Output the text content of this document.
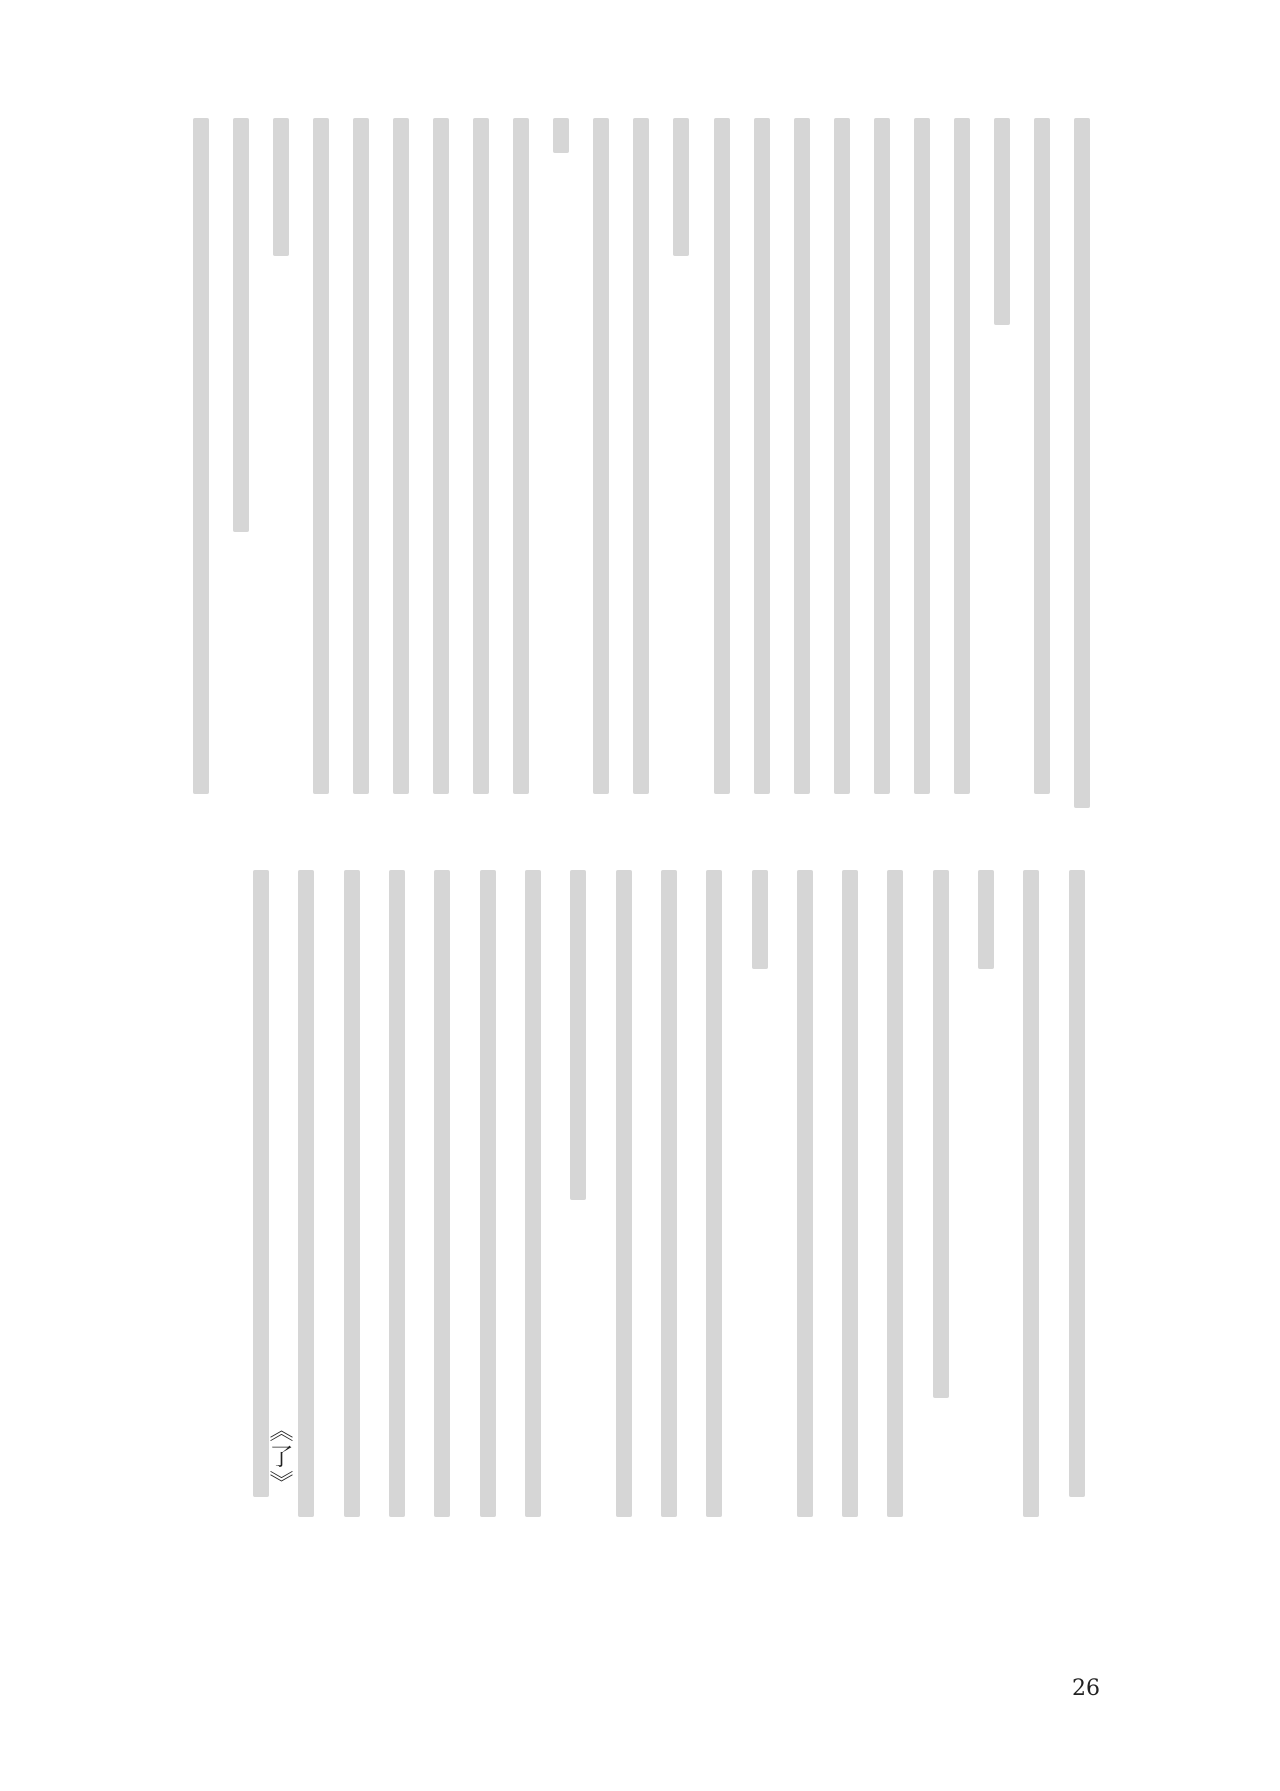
《了》
26
